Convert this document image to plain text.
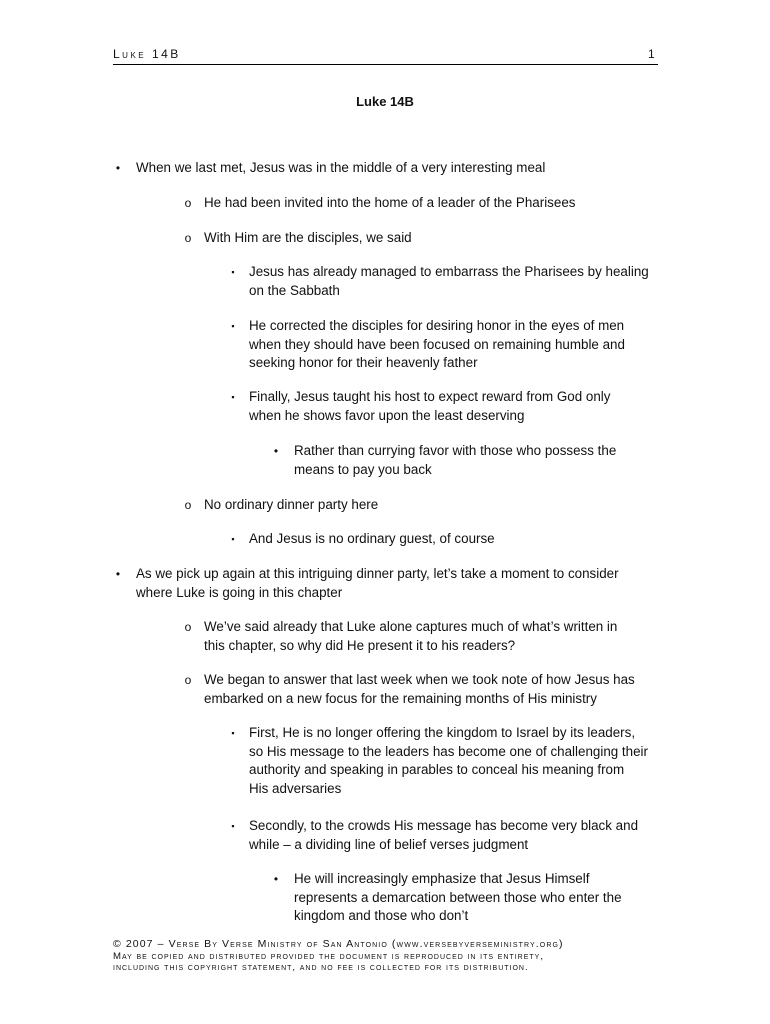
Luke 14B	1
Luke 14B
•	When we last met, Jesus was in the middle of a very interesting meal
o He had been invited into the home of a leader of the Pharisees
o With Him are the disciples, we said
▪	Jesus has already managed to embarrass the Pharisees by healing
on the Sabbath
▪	He corrected the disciples for desiring honor in the eyes of men
when they should have been focused on remaining humble and
seeking honor for their heavenly father
▪	Finally, Jesus taught his host to expect reward from God only
when he shows favor upon the least deserving
•	Rather than currying favor with those who possess the
means to pay you back
o No ordinary dinner party here
▪	And Jesus is no ordinary guest, of course
•	As we pick up again at this intriguing dinner party, let’s take a moment to consider
where Luke is going in this chapter
o We’ve said already that Luke alone captures much of what’s written in
this chapter, so why did He present it to his readers?
o We began to answer that last week when we took note of how Jesus has
embarked on a new focus for the remaining months of His ministry
▪	First, He is no longer offering the kingdom to Israel by its leaders,
so His message to the leaders has become one of challenging their
authority and speaking in parables to conceal his meaning from
His adversaries
▪	Secondly, to the crowds His message has become very black and
while – a dividing line of belief verses judgment
•	He will increasingly emphasize that Jesus Himself
represents a demarcation between those who enter the
kingdom and those who don’t
© 2007 – Verse By Verse Ministry of San Antonio (www.versebyverseministry.org)
May be copied and distributed provided the document is reproduced in its entirety,
including this copyright statement, and no fee is collected for its distribution.
